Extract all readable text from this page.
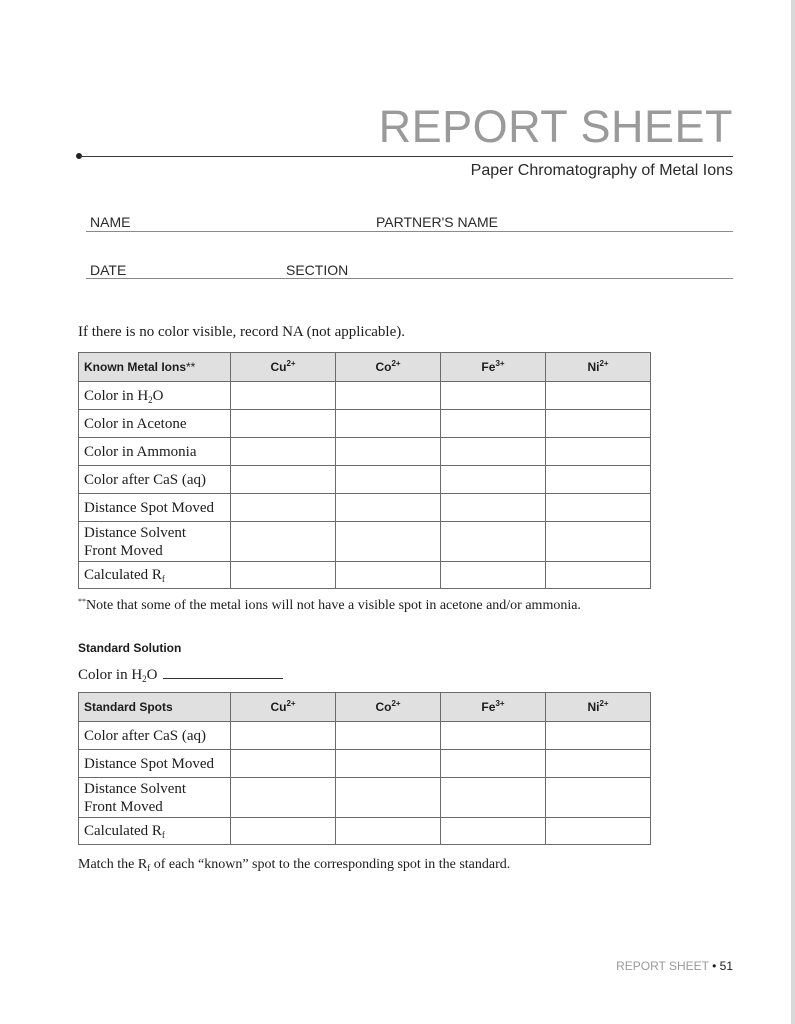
REPORT SHEET
Paper Chromatography of Metal Ions
NAME	PARTNER'S NAME
DATE	SECTION
If there is no color visible, record NA (not applicable).
Known Metal Ions**	$Cu^{2+}$	$Co^{2+}$	$Fe^{3+}$	$Ni^{2+}$
Color in $H_2O$				
Color in Acetone				
Color in Ammonia				
Color after CaS (aq)				
Distance Spot Moved				

Distance Solvent
Front Moved				

Calculated $R_f$				
**Note that some of the metal ions will not have a visible spot in acetone and/or ammonia.
Standard Solution
Color in $H_2O$
Standard Spots	$Cu^{2+}$	$Co^{2+}$	$Fe^{3+}$	$Ni^{2+}$
Color after CaS (aq)				
Distance Spot Moved				

Distance Solvent
Front Moved				

Calculated $R_f$				
Match the $R_f$ of each “known” spot to the corresponding spot in the standard.
REPORT SHEET • 51
